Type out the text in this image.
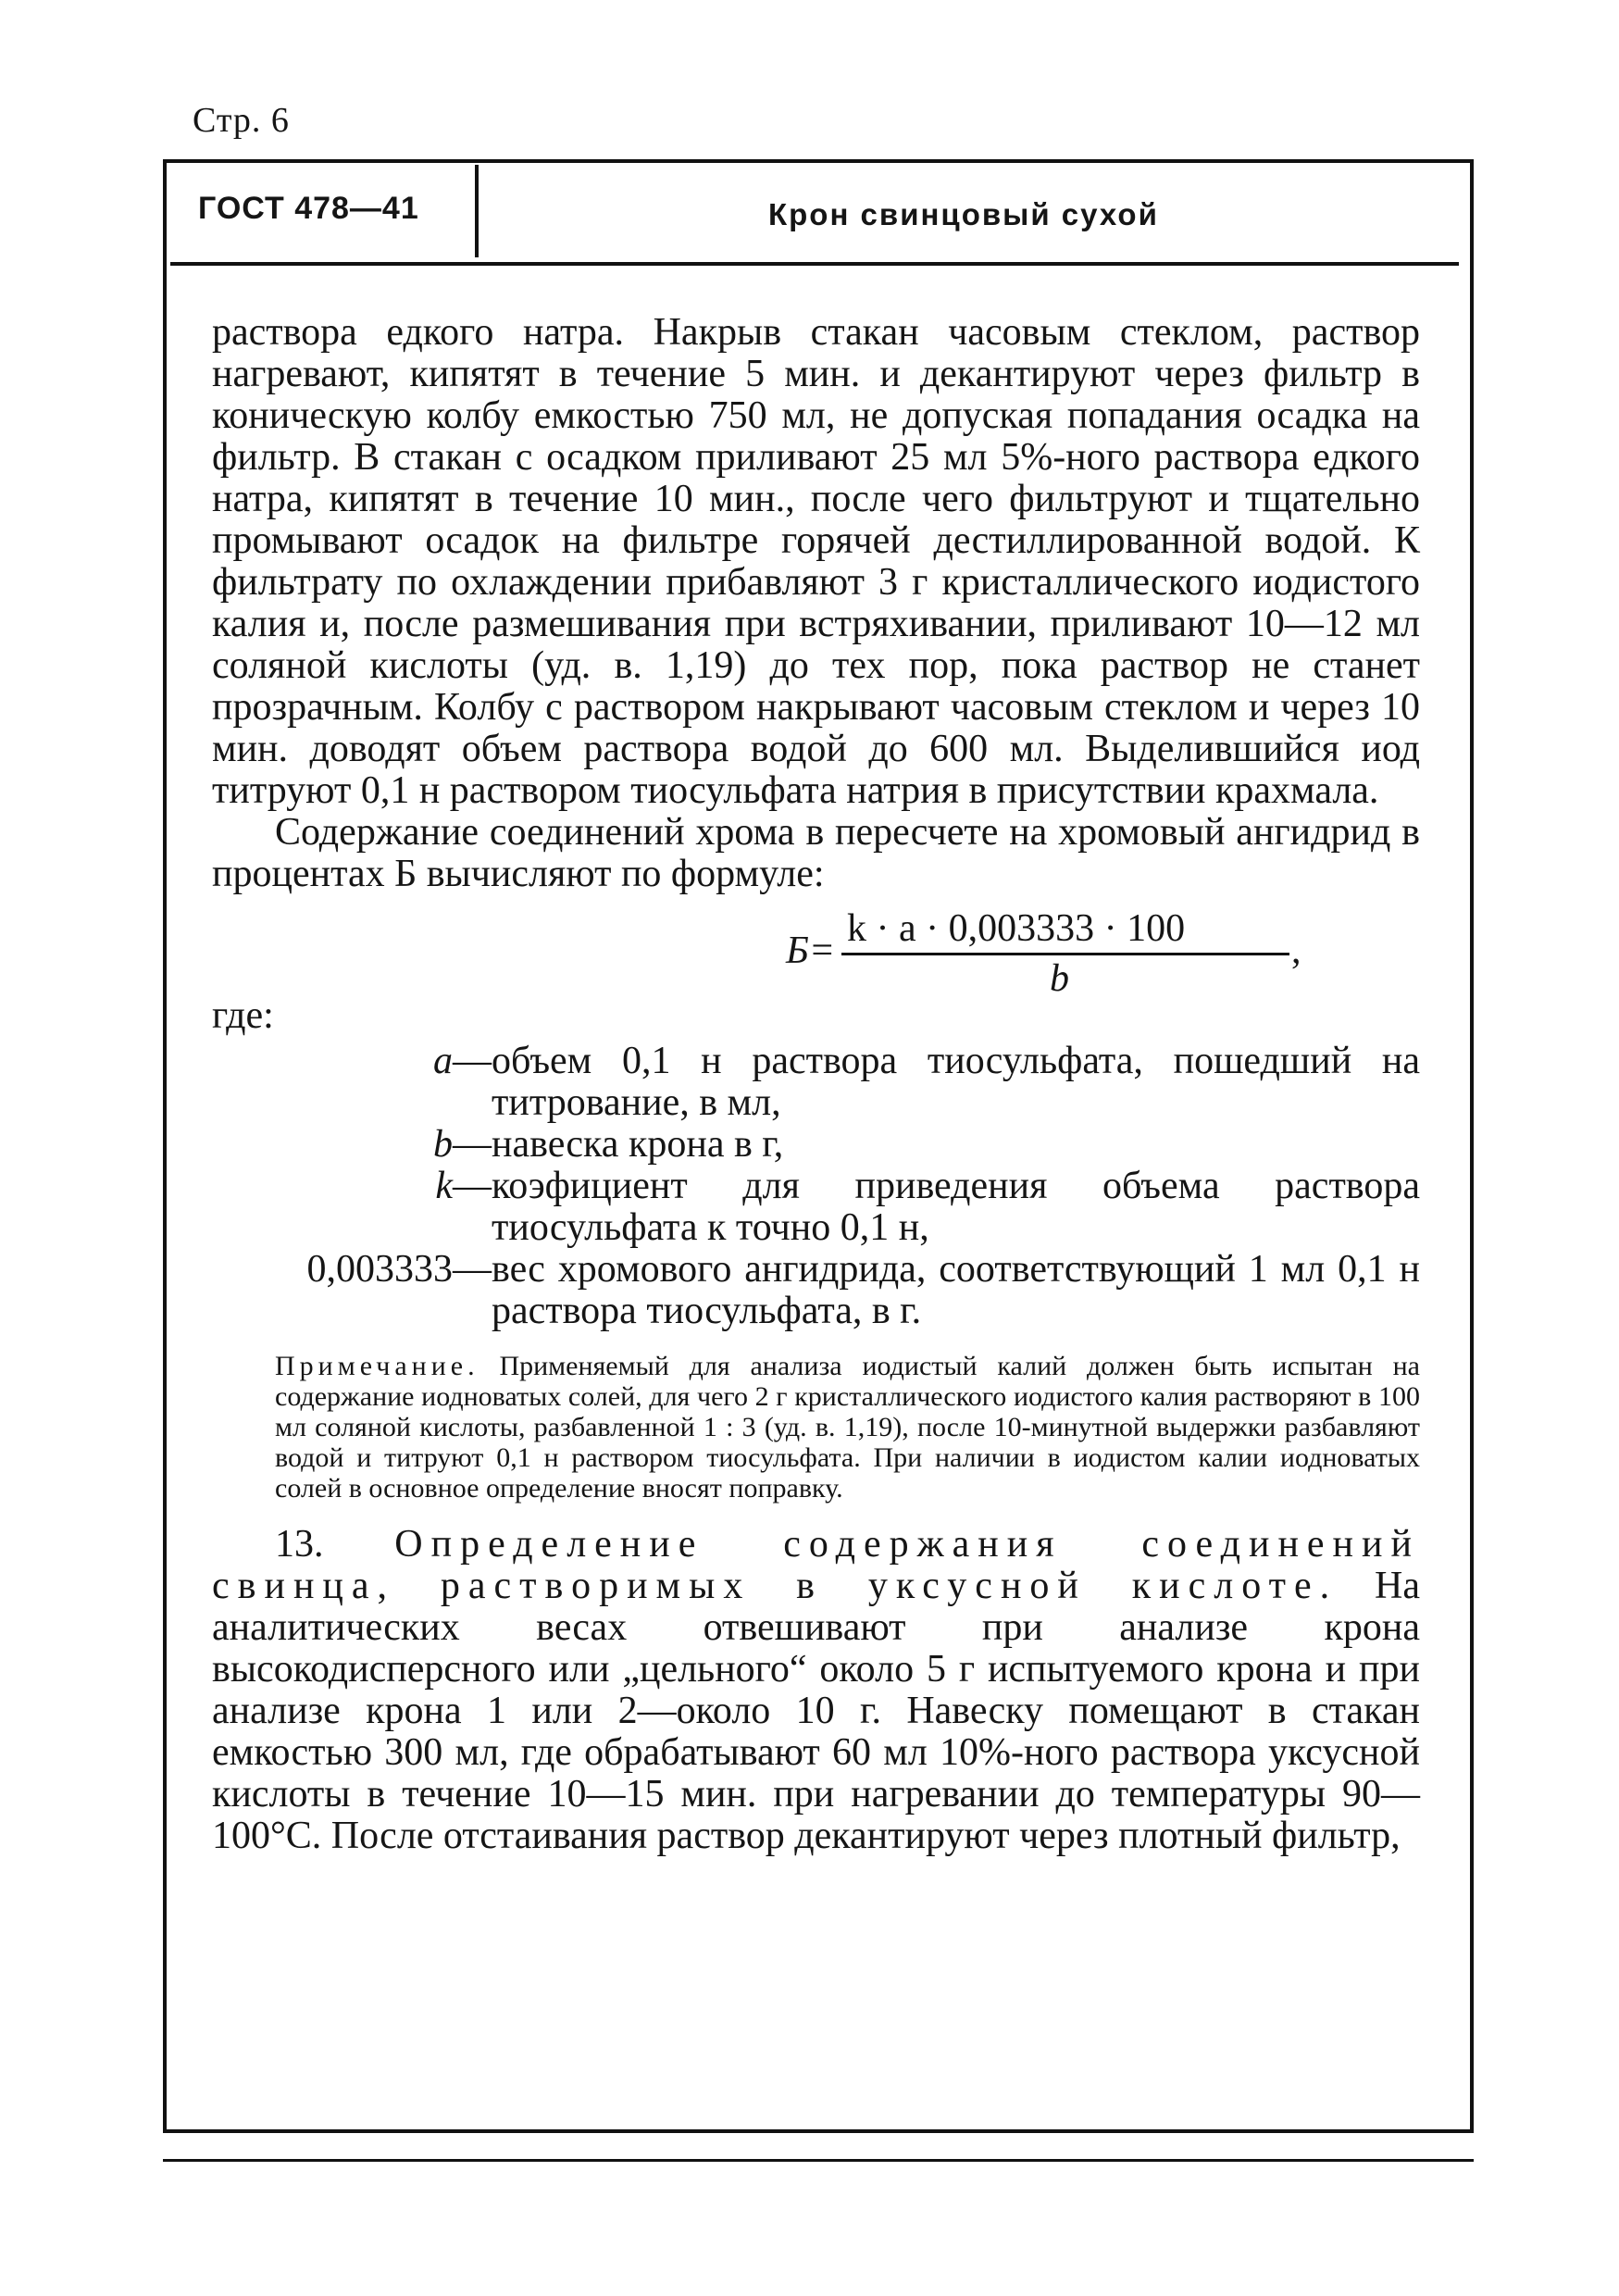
Стр. 6
ГОСТ 478—41	Крон свинцовый сухой

раствора едкого натра. Накрыв стакан часовым стеклом, раствор нагревают, кипятят в течение 5 мин. и декантируют через фильтр в коническую колбу емкостью 750 мл, не допуская попадания осадка на фильтр. В стакан с осадком приливают 25 мл 5%-ного раствора едкого натра, кипятят в течение 10 мин., после чего фильтруют и тщательно промывают осадок на фильтре горячей дестиллированной водой. К фильтрату по охлаждении прибавляют 3 г кристаллического иодистого калия и, после размешивания при встряхивании, приливают 10—12 мл соляной кислоты (уд. в. 1,19) до тех пор, пока раствор не станет прозрачным. Колбу с раствором накрывают часовым стеклом и через 10 мин. доводят объем раствора водой до 600 мл. Выделившийся иод титруют 0,1 н раствором тиосульфата натрия в присутствии крахмала.

Содержание соединений хрома в пересчете на хромовый ангидрид в процентах Б вычисляют по формуле:

Б=
k · a · 0,003333 · 100
b
,
где:
a— объем 0,1 н раствора тиосульфата, пошедший на титрование, в мл,
b— навеска крона в г,
k— коэфициент для приведения объема раствора тиосульфата к точно 0,1 н,
0,003333— вес хромового ангидрида, соответствующий 1 мл 0,1 н раствора тиосульфата, в г.

Примечание. Применяемый для анализа иодистый калий должен быть испытан на содержание иодноватых солей, для чего 2 г кристаллического иодистого калия растворяют в 100 мл соляной кислоты, разбавленной 1 : 3 (уд. в. 1,19), после 10-минутной выдержки разбавляют водой и титруют 0,1 н раствором тиосульфата. При наличии в иодистом калии иодноватых солей в основное определение вносят поправку.

13. Определение содержания соединений свинца, растворимых в уксусной кислоте. На аналитических весах отвешивают при анализе крона высокодисперсного или „цельного“ около 5 г испытуемого крона и при анализе крона 1 или 2—около 10 г. Навеску помещают в стакан емкостью 300 мл, где обрабатывают 60 мл 10%-ного раствора уксусной кислоты в течение 10—15 мин. при нагревании до температуры 90—100°С. После отстаивания раствор декантируют через плотный фильтр,
